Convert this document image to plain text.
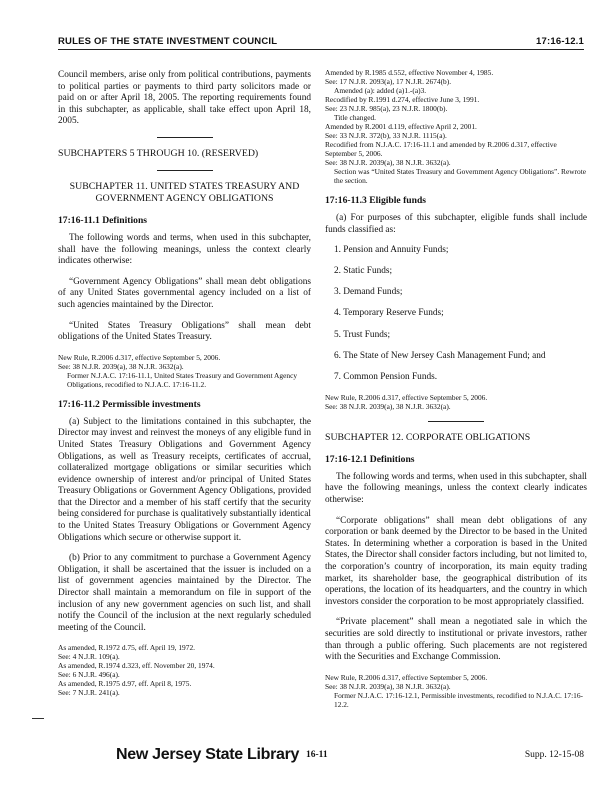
RULES OF THE STATE INVESTMENT COUNCIL	17:16-12.1

Council members, arise only from political contributions, payments to political parties or payments to third party solicitors made or paid on or after April 18, 2005. The reporting requirements found in this subchapter, as applicable, shall take effect upon April 18, 2005.

SUBCHAPTERS 5 THROUGH 10. (RESERVED)
SUBCHAPTER 11. UNITED STATES TREASURY AND GOVERNMENT AGENCY OBLIGATIONS
17:16-11.1 Definitions

The following words and terms, when used in this subchapter, shall have the following meanings, unless the context clearly indicates otherwise:

“Government Agency Obligations” shall mean debt obligations of any United States governmental agency included on a list of such agencies maintained by the Director.

“United States Treasury Obligations” shall mean debt obligations of the United States Treasury.

New Rule, R.2006 d.317, effective September 5, 2006.
See: 38 N.J.R. 2039(a), 38 N.J.R. 3632(a).
Former N.J.A.C. 17:16-11.1, United States Treasury and Government Agency Obligations, recodified to N.J.A.C. 17:16-11.2.
17:16-11.2 Permissible investments

(a) Subject to the limitations contained in this subchapter, the Director may invest and reinvest the moneys of any eligible fund in United States Treasury Obligations and Government Agency Obligations, as well as Treasury receipts, certificates of accrual, collateralized mortgage obligations or similar securities which evidence ownership of interest and/or principal of United States Treasury Obligations or Government Agency Obligations, provided that the Director and a member of his staff certify that the security being considered for purchase is qualitatively substantially identical to the United States Treasury Obligations or Government Agency Obligations which secure or otherwise support it.

(b) Prior to any commitment to purchase a Government Agency Obligation, it shall be ascertained that the issuer is included on a list of government agencies maintained by the Director. The Director shall maintain a memorandum on file in support of the inclusion of any new government agencies on such list, and shall notify the Council of the inclusion at the next regularly scheduled meeting of the Council.

As amended, R.1972 d.75, eff. April 19, 1972.
See: 4 N.J.R. 109(a).
As amended, R.1974 d.323, eff. November 20, 1974.
See: 6 N.J.R. 496(a).
As amended, R.1975 d.97, eff. April 8, 1975.
See: 7 N.J.R. 241(a).
Amended by R.1985 d.552, effective November 4, 1985.
See: 17 N.J.R. 2093(a), 17 N.J.R. 2674(b).
Amended (a): added (a)1.-(a)3.
Recodified by R.1991 d.274, effective June 3, 1991.
See: 23 N.J.R. 985(a), 23 N.J.R. 1800(b).
Title changed.
Amended by R.2001 d.119, effective April 2, 2001.
See: 33 N.J.R. 372(b), 33 N.J.R. 1115(a).
Recodified from N.J.A.C. 17:16-11.1 and amended by R.2006 d.317, effective September 5, 2006.
See: 38 N.J.R. 2039(a), 38 N.J.R. 3632(a).
Section was “United States Treasury and Government Agency Obligations”. Rewrote the section.
17:16-11.3 Eligible funds

(a) For purposes of this subchapter, eligible funds shall include funds classified as:

1. Pension and Annuity Funds;
2. Static Funds;
3. Demand Funds;
4. Temporary Reserve Funds;
5. Trust Funds;
6. The State of New Jersey Cash Management Fund; and
7. Common Pension Funds.
New Rule, R.2006 d.317, effective September 5, 2006.
See: 38 N.J.R. 2039(a), 38 N.J.R. 3632(a).
SUBCHAPTER 12. CORPORATE OBLIGATIONS
17:16-12.1 Definitions

The following words and terms, when used in this subchapter, shall have the following meanings, unless the context clearly indicates otherwise:

“Corporate obligations” shall mean debt obligations of any corporation or bank deemed by the Director to be based in the United States. In determining whether a corporation is based in the United States, the Director shall consider factors including, but not limited to, the corporation’s country of incorporation, its main equity trading market, its shareholder base, the geographical distribution of its operations, the location of its headquarters, and the country in which investors consider the corporation to be most appropriately classified.

“Private placement” shall mean a negotiated sale in which the securities are sold directly to institutional or private investors, rather than through a public offering. Such placements are not registered with the Securities and Exchange Commission.

New Rule, R.2006 d.317, effective September 5, 2006.
See: 38 N.J.R. 2039(a), 38 N.J.R. 3632(a).
Former N.J.A.C. 17:16-12.1, Permissible investments, recodified to N.J.A.C. 17:16-12.2.
New Jersey State Library 16-11	Supp. 12-15-08
